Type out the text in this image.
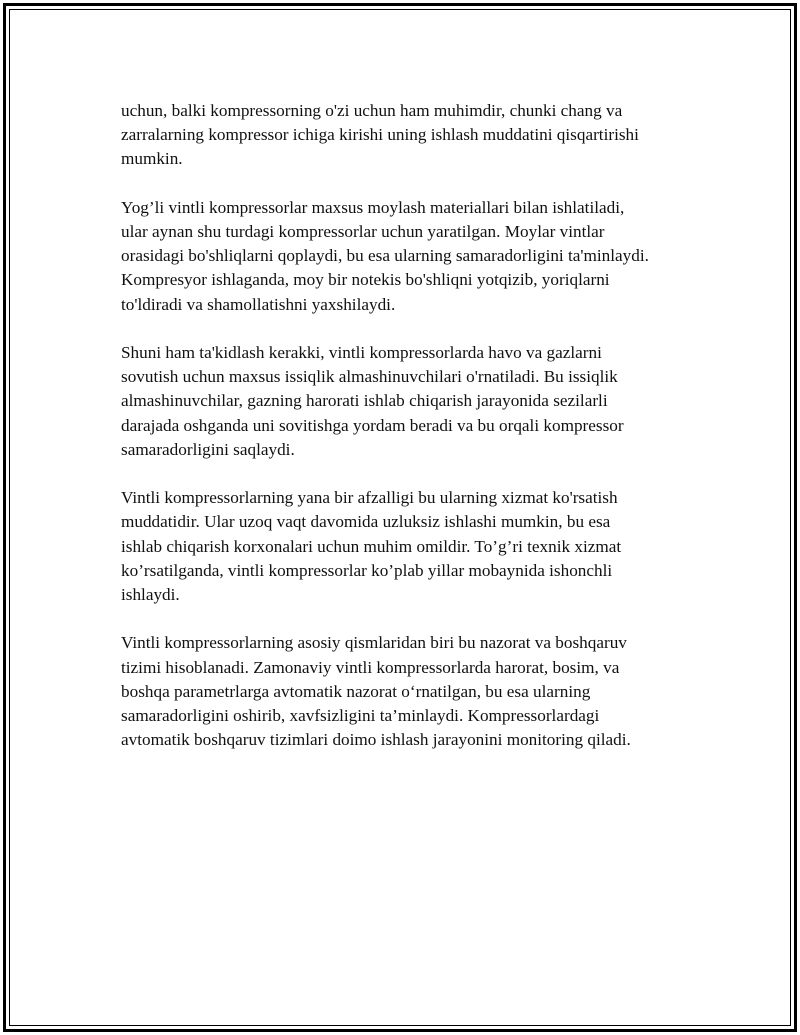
uchun, balki kompressorning o'zi uchun ham muhimdir, chunki chang va
zarralarning kompressor ichiga kirishi uning ishlash muddatini qisqartirishi
mumkin.

Yog’li vintli kompressorlar maxsus moylash materiallari bilan ishlatiladi,
ular aynan shu turdagi kompressorlar uchun yaratilgan. Moylar vintlar
orasidagi bo'shliqlarni qoplaydi, bu esa ularning samaradorligini ta'minlaydi.
Kompresyor ishlaganda, moy bir notekis bo'shliqni yotqizib, yoriqlarni
to'ldiradi va shamollatishni yaxshilaydi.

Shuni ham ta'kidlash kerakki, vintli kompressorlarda havo va gazlarni
sovutish uchun maxsus issiqlik almashinuvchilari o'rnatiladi. Bu issiqlik
almashinuvchilar, gazning harorati ishlab chiqarish jarayonida sezilarli
darajada oshganda uni sovitishga yordam beradi va bu orqali kompressor
samaradorligini saqlaydi.

Vintli kompressorlarning yana bir afzalligi bu ularning xizmat ko'rsatish
muddatidir. Ular uzoq vaqt davomida uzluksiz ishlashi mumkin, bu esa
ishlab chiqarish korxonalari uchun muhim omildir. To’g’ri texnik xizmat
ko’rsatilganda, vintli kompressorlar ko’plab yillar mobaynida ishonchli
ishlaydi.

Vintli kompressorlarning asosiy qismlaridan biri bu nazorat va boshqaruv
tizimi hisoblanadi. Zamonaviy vintli kompressorlarda harorat, bosim, va
boshqa parametrlarga avtomatik nazorat o‘rnatilgan, bu esa ularning
samaradorligini oshirib, xavfsizligini ta’minlaydi. Kompressorlardagi
avtomatik boshqaruv tizimlari doimo ishlash jarayonini monitoring qiladi.
